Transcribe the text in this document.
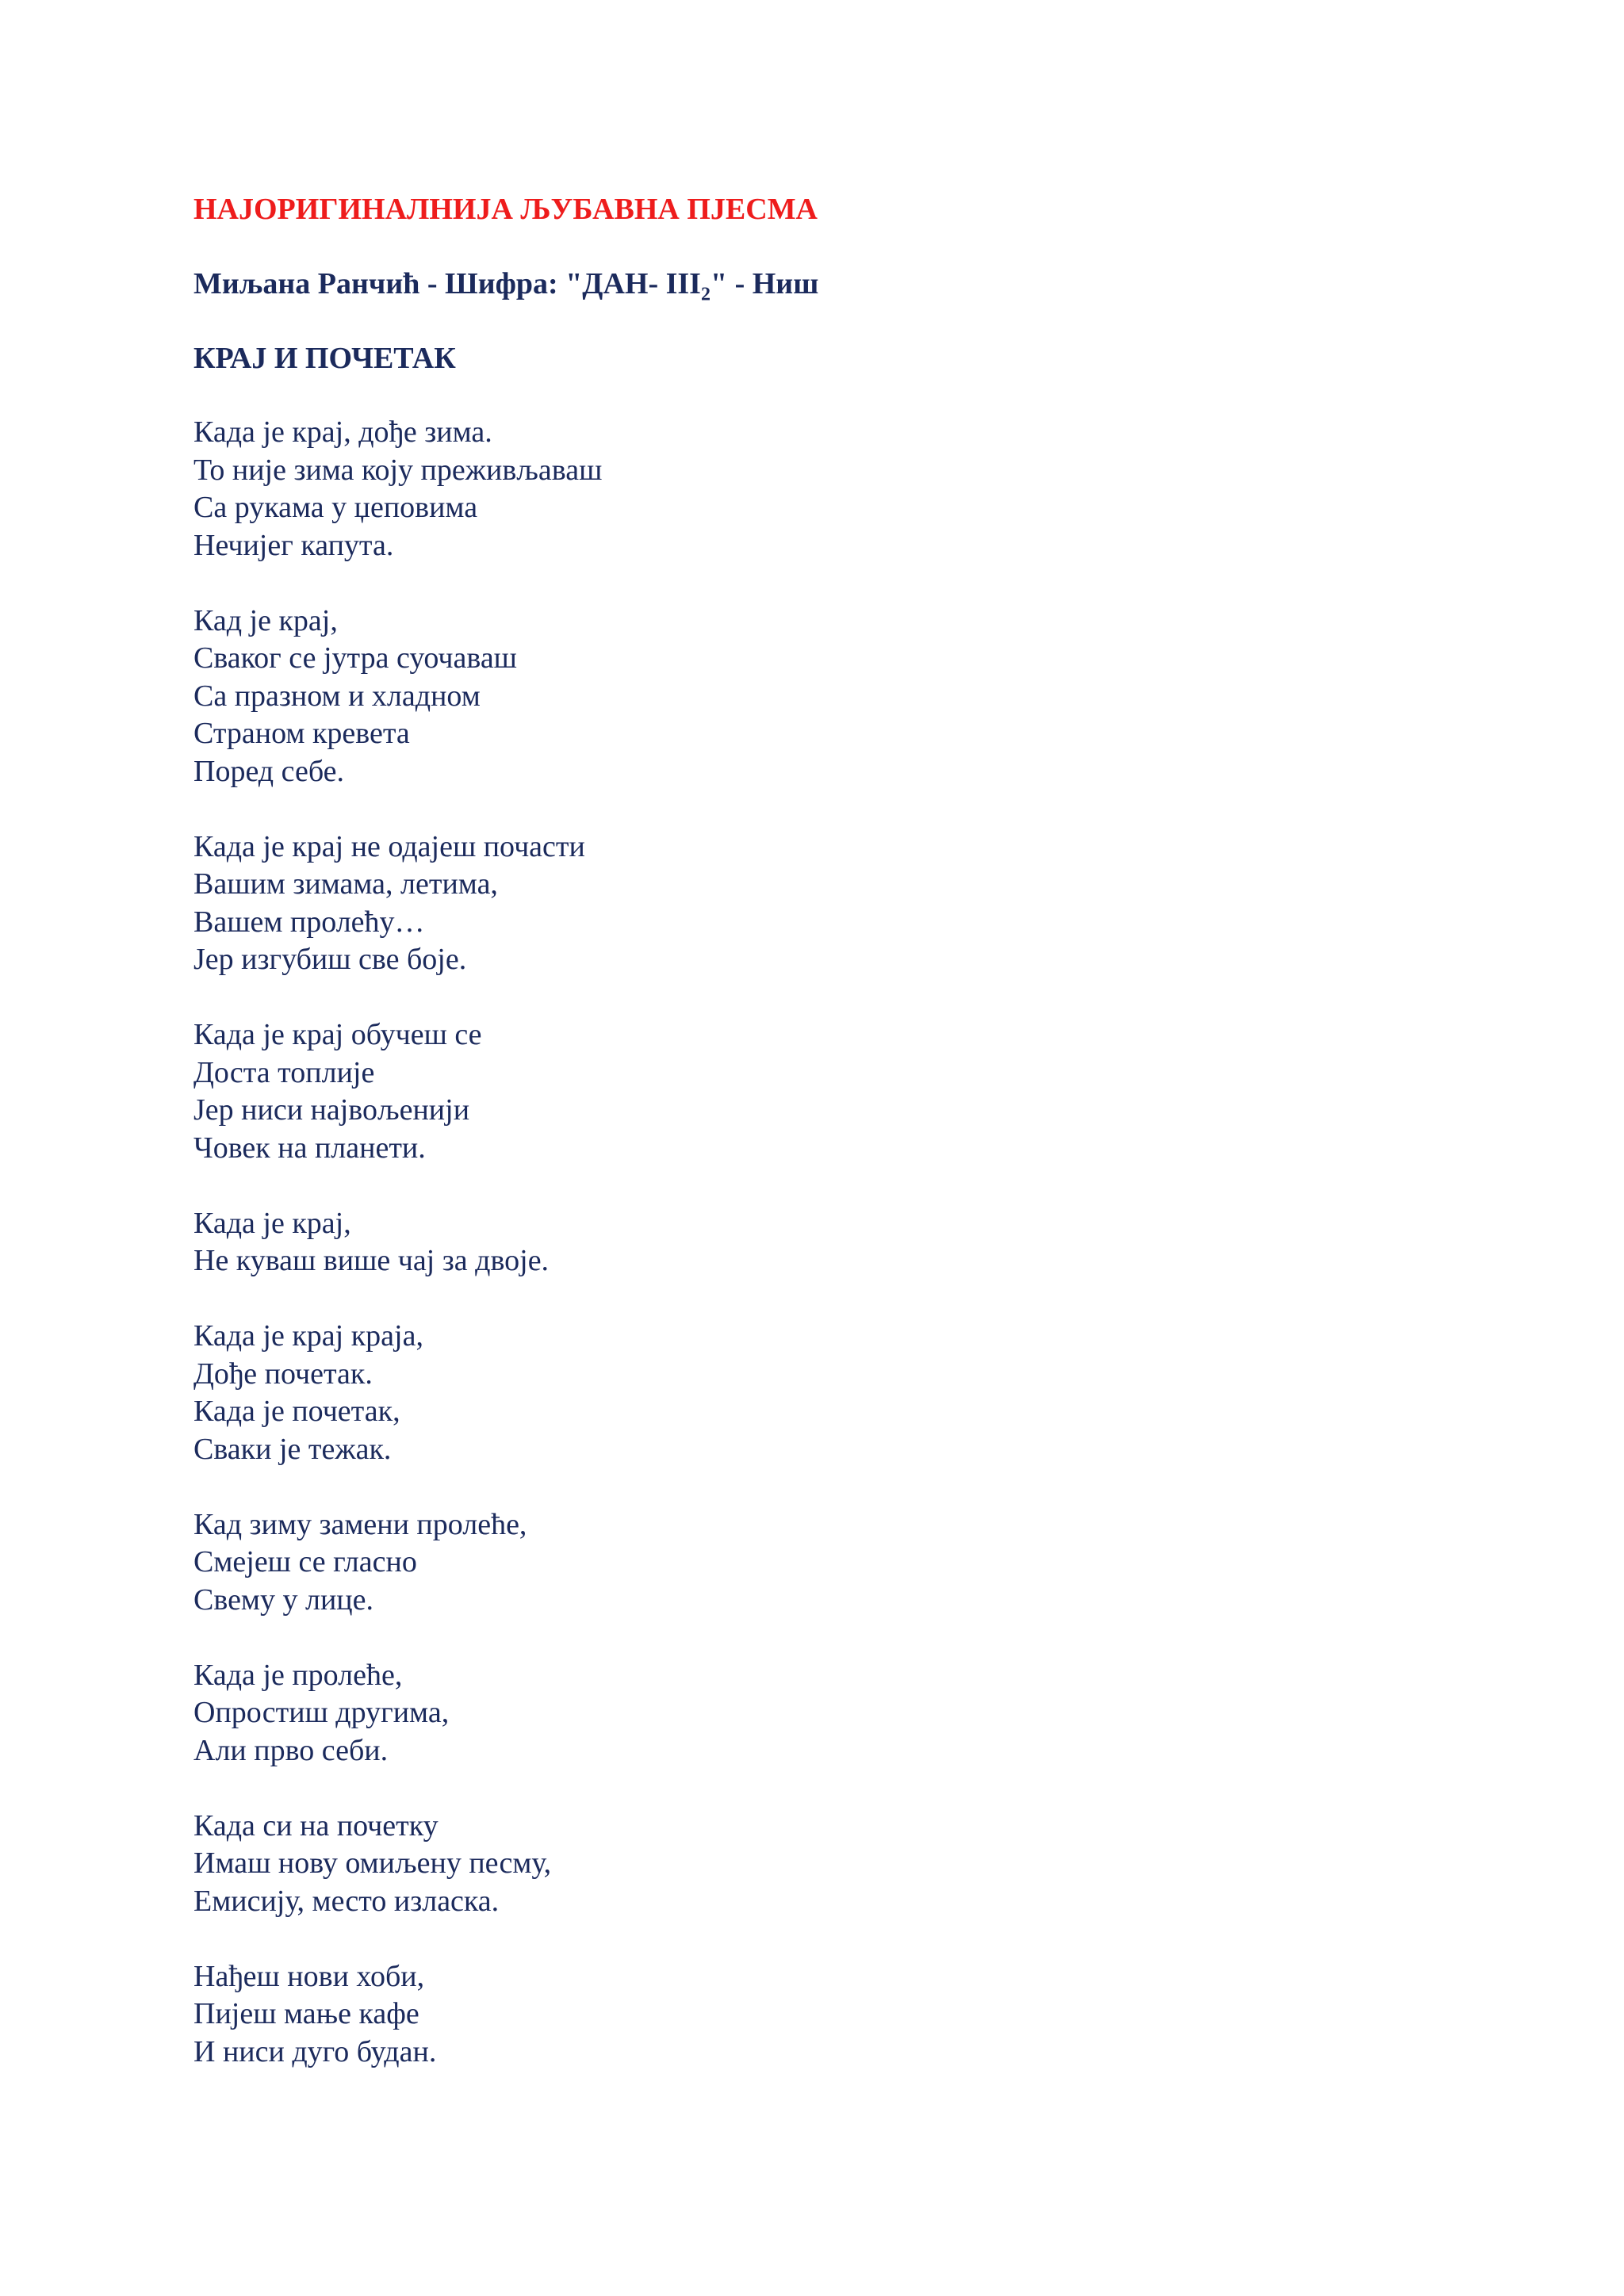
НАЈОРИГИНАЛНИЈА ЉУБАВНА ПЈЕСМА
Миљана Ранчић - Шифра: "ДАН- $III_2$" - Ниш
КРАЈ И ПОЧЕТАК
Када је крај, дође зима.
То није зима коју преживљаваш
Са рукама у џеповима
Нечијег капута.
Кад је крај,
Сваког се јутра суочаваш
Са празном и хладном
Страном кревета
Поред себе.
Када је крај не одајеш почасти
Вашим зимама, летима,
Вашем пролећу…
Јер изгубиш све боје.
Када је крај обучеш се
Доста топлије
Јер ниси највољенији
Човек на планети.
Када је крај,
Не куваш више чај за двоје.
Када је крај краја,
Дође почетак.
Када је почетак,
Сваки је тежак.
Кад зиму замени пролеће,
Смејеш се гласно
Свему у лице.
Када је пролеће,
Опростиш другима,
Али прво себи.
Када си на почетку
Имаш нову омиљену песму,
Емисију, место изласка.
Нађеш нови хоби,
Пијеш мање кафе
И ниси дуго будан.
